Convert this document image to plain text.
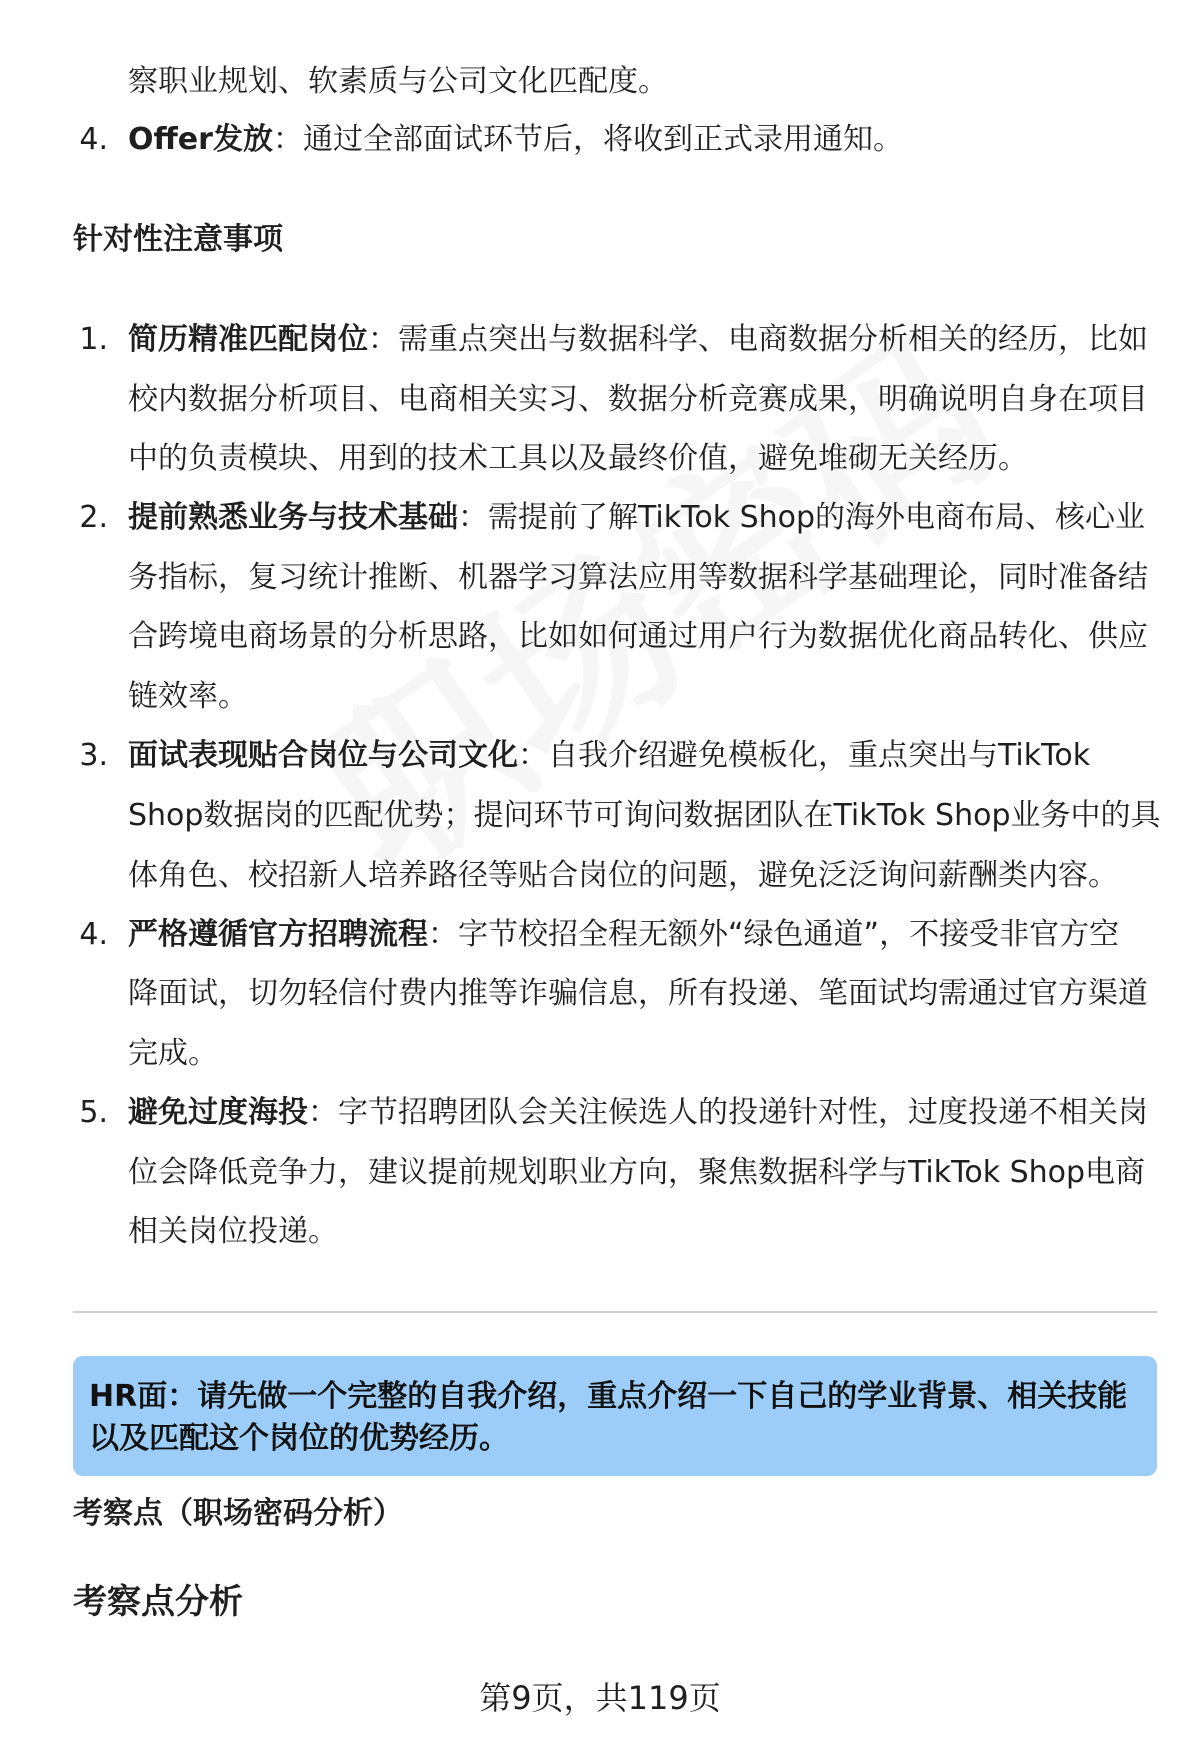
察职业规划、软素质与公司文化匹配度。
4. Offer发放：通过全部面试环节后，将收到正式录用通知。
针对性注意事项
1. 简历精准匹配岗位：需重点突出与数据科学、电商数据分析相关的经历，比如
校内数据分析项目、电商相关实习、数据分析竞赛成果，明确说明自身在项目
中的负责模块、用到的技术工具以及最终价值，避免堆砌无关经历。
2. 提前熟悉业务与技术基础：需提前了解TikTok Shop的海外电商布局、核心业
务指标，复习统计推断、机器学习算法应用等数据科学基础理论，同时准备结
合跨境电商场景的分析思路，比如如何通过用户行为数据优化商品转化、供应
链效率。
3. 面试表现贴合岗位与公司文化：自我介绍避免模板化，重点突出与TikTok
Shop数据岗的匹配优势；提问环节可询问数据团队在TikTok Shop业务中的具
体角色、校招新人培养路径等贴合岗位的问题，避免泛泛询问薪酬类内容。
4. 严格遵循官方招聘流程：字节校招全程无额外“绿色通道”，不接受非官方空
降面试，切勿轻信付费内推等诈骗信息，所有投递、笔面试均需通过官方渠道
完成。
5. 避免过度海投：字节招聘团队会关注候选人的投递针对性，过度投递不相关岗
位会降低竞争力，建议提前规划职业方向，聚焦数据科学与TikTok Shop电商
相关岗位投递。
HR面：请先做一个完整的自我介绍，重点介绍一下自己的学业背景、相关技能
以及匹配这个岗位的优势经历。
考察点（职场密码分析）
考察点分析
第9页，共119页
